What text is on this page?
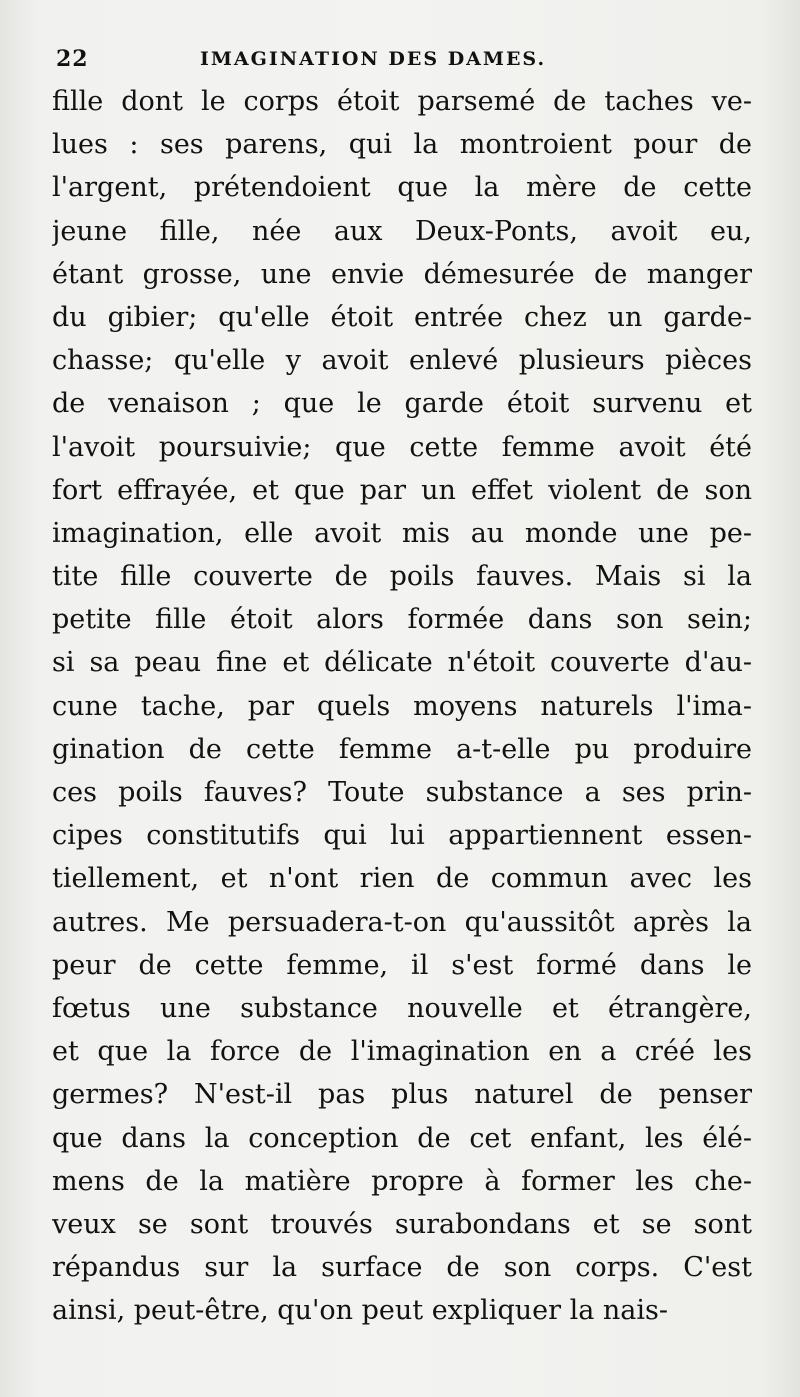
22	IMAGINATION DES DAMES.
fille dont le corps étoit parsemé de taches ve-
lues : ses parens, qui la montroient pour de
l'argent, prétendoient que la mère de cette
jeune fille, née aux Deux-Ponts, avoit eu,
étant grosse, une envie démesurée de manger
du gibier; qu'elle étoit entrée chez un garde-
chasse; qu'elle y avoit enlevé plusieurs pièces
de venaison ; que le garde étoit survenu et
l'avoit poursuivie; que cette femme avoit été
fort effrayée, et que par un effet violent de son
imagination, elle avoit mis au monde une pe-
tite fille couverte de poils fauves. Mais si la
petite fille étoit alors formée dans son sein;
si sa peau fine et délicate n'étoit couverte d'au-
cune tache, par quels moyens naturels l'ima-
gination de cette femme a-t-elle pu produire
ces poils fauves? Toute substance a ses prin-
cipes constitutifs qui lui appartiennent essen-
tiellement, et n'ont rien de commun avec les
autres. Me persuadera-t-on qu'aussitôt après la
peur de cette femme, il s'est formé dans le
fœtus une substance nouvelle et étrangère,
et que la force de l'imagination en a créé les
germes? N'est-il pas plus naturel de penser
que dans la conception de cet enfant, les élé-
mens de la matière propre à former les che-
veux se sont trouvés surabondans et se sont
répandus sur la surface de son corps. C'est
ainsi, peut-être, qu'on peut expliquer la nais-
